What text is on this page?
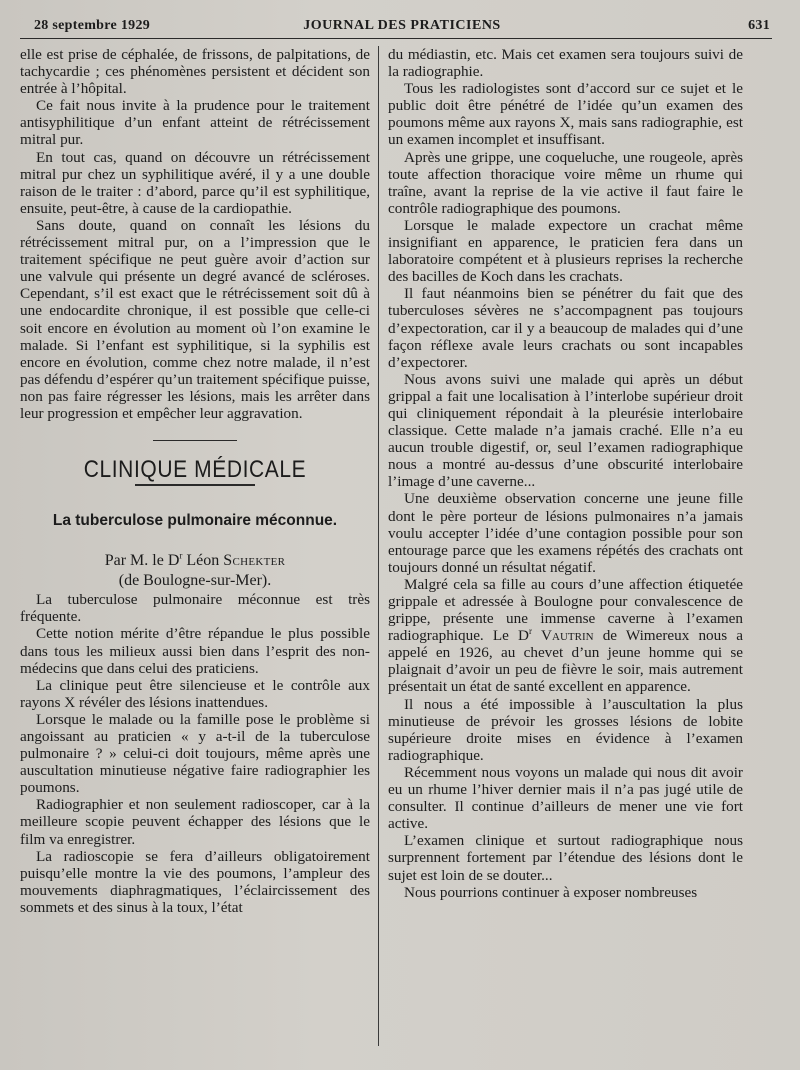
28 septembre 1929	JOURNAL DES PRATICIENS	631

elle est prise de céphalée, de frissons, de palpitations, de tachycardie ; ces phénomènes persistent et décident son entrée à l’hôpital.

Ce fait nous invite à la prudence pour le traitement antisyphilitique d’un enfant atteint de rétrécissement mitral pur.

En tout cas, quand on découvre un rétrécissement mitral pur chez un syphilitique avéré, il y a une double raison de le traiter : d’abord, parce qu’il est syphilitique, ensuite, peut-être, à cause de la cardiopathie.

Sans doute, quand on connaît les lésions du rétrécissement mitral pur, on a l’impression que le traitement spécifique ne peut guère avoir d’action sur une valvule qui présente un degré avancé de scléroses. Cependant, s’il est exact que le rétrécissement soit dû à une endocardite chronique, il est possible que celle-ci soit encore en évolution au moment où l’on examine le malade. Si l’enfant est syphilitique, si la syphilis est encore en évolution, comme chez notre malade, il n’est pas défendu d’espérer qu’un traitement spécifique puisse, non pas faire régresser les lésions, mais les arrêter dans leur progression et empêcher leur aggravation.

CLINIQUE MÉDICALE
La tuberculose pulmonaire méconnue.

Par M. le $D^r$ Léon Schekter

(de Boulogne-sur-Mer).

La tuberculose pulmonaire méconnue est très fréquente.

Cette notion mérite d’être répandue le plus possible dans tous les milieux aussi bien dans l’esprit des non-médecins que dans celui des praticiens.

La clinique peut être silencieuse et le contrôle aux rayons X révéler des lésions inattendues.

Lorsque le malade ou la famille pose le problème si angoissant au praticien « y a-t-il de la tuberculose pulmonaire ? » celui-ci doit toujours, même après une auscultation minutieuse négative faire radiographier les poumons.

Radiographier et non seulement radioscoper, car à la meilleure scopie peuvent échapper des lésions que le film va enregistrer.

La radioscopie se fera d’ailleurs obligatoirement puisqu’elle montre la vie des poumons, l’ampleur des mouvements diaphragmatiques, l’éclaircissement des sommets et des sinus à la toux, l’état

du médiastin, etc. Mais cet examen sera toujours suivi de la radiographie.

Tous les radiologistes sont d’accord sur ce sujet et le public doit être pénétré de l’idée qu’un examen des poumons même aux rayons X, mais sans radiographie, est un examen incomplet et insuffisant.

Après une grippe, une coqueluche, une rougeole, après toute affection thoracique voire même un rhume qui traîne, avant la reprise de la vie active il faut faire le contrôle radiographique des poumons.

Lorsque le malade expectore un crachat même insignifiant en apparence, le praticien fera dans un laboratoire compétent et à plusieurs reprises la recherche des bacilles de Koch dans les crachats.

Il faut néanmoins bien se pénétrer du fait que des tuberculoses sévères ne s’accompagnent pas toujours d’expectoration, car il y a beaucoup de malades qui d’une façon réflexe avale leurs crachats ou sont incapables d’expectorer.

Nous avons suivi une malade qui après un début grippal a fait une localisation à l’interlobe supérieur droit qui cliniquement répondait à la pleurésie interlobaire classique. Cette malade n’a jamais craché. Elle n’a eu aucun trouble digestif, or, seul l’examen radiographique nous a montré au-dessus d’une obscurité interlobaire l’image d’une caverne...

Une deuxième observation concerne une jeune fille dont le père porteur de lésions pulmonaires n’a jamais voulu accepter l’idée d’une contagion possible pour son entourage parce que les examens répétés des crachats ont toujours donné un résultat négatif.

Malgré cela sa fille au cours d’une affection étiquetée grippale et adressée à Boulogne pour convalescence de grippe, présente une immense caverne à l’examen radiographique. Le $D^r$ Vautrin de Wimereux nous a appelé en 1926, au chevet d’un jeune homme qui se plaignait d’avoir un peu de fièvre le soir, mais autrement présentait un état de santé excellent en apparence.

Il nous a été impossible à l’auscultation la plus minutieuse de prévoir les grosses lésions de lobite supérieure droite mises en évidence à l’examen radiographique.

Récemment nous voyons un malade qui nous dit avoir eu un rhume l’hiver dernier mais il n’a pas jugé utile de consulter. Il continue d’ailleurs de mener une vie fort active.

L’examen clinique et surtout radiographique nous surprennent fortement par l’étendue des lésions dont le sujet est loin de se douter...

Nous pourrions continuer à exposer nombreuses
